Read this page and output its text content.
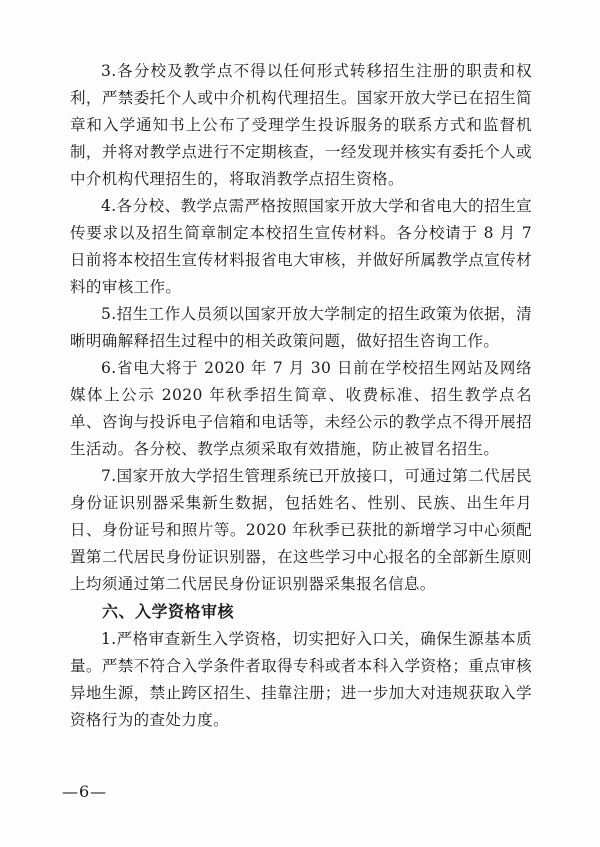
3.各分校及教学点不得以任何形式转移招生注册的职责和权利，严禁委托个人或中介机构代理招生。国家开放大学已在招生简章和入学通知书上公布了受理学生投诉服务的联系方式和监督机制，并将对教学点进行不定期核查，一经发现并核实有委托个人或中介机构代理招生的，将取消教学点招生资格。

4.各分校、教学点需严格按照国家开放大学和省电大的招生宣传要求以及招生简章制定本校招生宣传材料。各分校请于 8 月 7 日前将本校招生宣传材料报省电大审核，并做好所属教学点宣传材料的审核工作。

5.招生工作人员须以国家开放大学制定的招生政策为依据，清晰明确解释招生过程中的相关政策问题，做好招生咨询工作。

6.省电大将于 2020 年 7 月 30 日前在学校招生网站及网络媒体上公示 2020 年秋季招生简章、收费标准、招生教学点名单、咨询与投诉电子信箱和电话等，未经公示的教学点不得开展招生活动。各分校、教学点须采取有效措施，防止被冒名招生。

7.国家开放大学招生管理系统已开放接口，可通过第二代居民身份证识别器采集新生数据，包括姓名、性别、民族、出生年月日、身份证号和照片等。2020 年秋季已获批的新增学习中心须配置第二代居民身份证识别器，在这些学习中心报名的全部新生原则上均须通过第二代居民身份证识别器采集报名信息。

六、入学资格审核

1.严格审查新生入学资格，切实把好入口关，确保生源基本质量。严禁不符合入学条件者取得专科或者本科入学资格；重点审核异地生源，禁止跨区招生、挂靠注册；进一步加大对违规获取入学资格行为的查处力度。

—6—
